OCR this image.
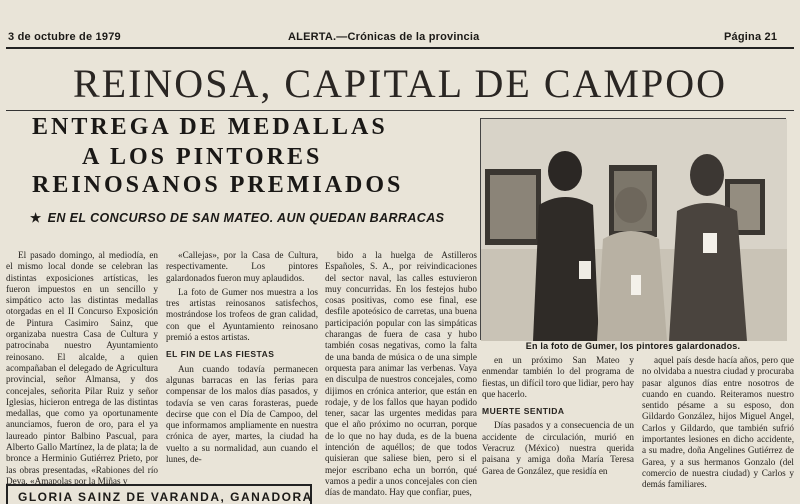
3 de octubre de 1979	ALERTA.—Crónicas de la provincia	Página 21
REINOSA, CAPITAL DE CAMPOO
ENTREGA DE MEDALLAS
A LOS PINTORES
REINOSANOS PREMIADOS
★ EN EL CONCURSO DE SAN MATEO. AUN QUEDAN BARRACAS

El pasado domingo, al mediodía, en el mismo local donde se celebran las distintas exposiciones artísticas, les fueron impuestos en un sencillo y simpático acto las distintas medallas otorgadas en el II Concurso Exposición de Pintura Casimiro Sainz, que organizaba nuestra Casa de Cultura y patrocinaba nuestro Ayuntamiento reinosano. El alcalde, a quien acompañaban el delegado de Agricultura provincial, señor Almansa, y dos concejales, señorita Pilar Ruiz y señor Iglesias, hicieron entrega de las distintas medallas, que como ya oportunamente anunciamos, fueron de oro, para el ya laureado pintor Balbino Pascual, para Alberto Gallo Martínez, la de plata; la de bronce a Herminio Gutiérrez Prieto, por las obras presentadas, «Rabiones del río Deva, «Amapolas por la Miñas y

«Callejas», por la Casa de Cultura, respectivamente. Los pintores galardonados fueron muy aplaudidos.

La foto de Gumer nos muestra a los tres artistas reinosanos satisfechos, mostrándose los trofeos de gran calidad, con que el Ayuntamiento reinosano premió a estos artistas.

EL FIN DE LAS FIESTAS

Aun cuando todavía permanecen algunas barracas en las ferias para compensar de los malos días pasados, y todavía se ven caras forasteras, puede decirse que con el Día de Campoo, del que informamos ampliamente en nuestra crónica de ayer, martes, la ciudad ha vuelto a su normalidad, aun cuando el lunes, de-

bido a la huelga de Astilleros Españoles, S. A., por reivindicaciones del sector naval, las calles estuvieron muy concurridas. En los festejos hubo cosas positivas, como ese final, ese desfile apoteósico de carretas, una buena participación popular con las simpáticas charangas de fuera de casa y hubo también cosas negativas, como la falta de una banda de música o de una simple orquesta para animar las verbenas. Vaya en disculpa de nuestros concejales, como dijimos en crónica anterior, que están en rodaje, y de los fallos que hayan podido tener, sacar las urgentes medidas para que el año próximo no ocurran, porque de lo que no hay duda, es de la buena intención de aquéllos; de que todos quisieran que saliese bien, pero si el mejor escribano echa un borrón, qué vamos a pedir a unos concejales con cien días de mandato. Hay que confiar, pues,

En la foto de Gumer, los pintores galardonados.

en un próximo San Mateo y enmendar también lo del programa de fiestas, un difícil toro que lidiar, pero hay que hacerlo.

MUERTE SENTIDA

Días pasados y a consecuencia de un accidente de circulación, murió en Veracruz (México) nuestra querida paisana y amiga doña María Teresa Garea de González, que residía en

aquel país desde hacía años, pero que no olvidaba a nuestra ciudad y procuraba pasar algunos días entre nosotros de cuando en cuando. Reiteramos nuestro sentido pésame a su esposo, don Gildardo González, hijos Miguel Angel, Carlos y Gildardo, que también sufrió importantes lesiones en dicho accidente, a su madre, doña Angelines Gutiérrez de Garea, y a sus hermanos Gonzalo (del comercio de nuestra ciudad) y Carlos y demás familiares.

GLORIA SAINZ DE VARANDA, GANADORA
